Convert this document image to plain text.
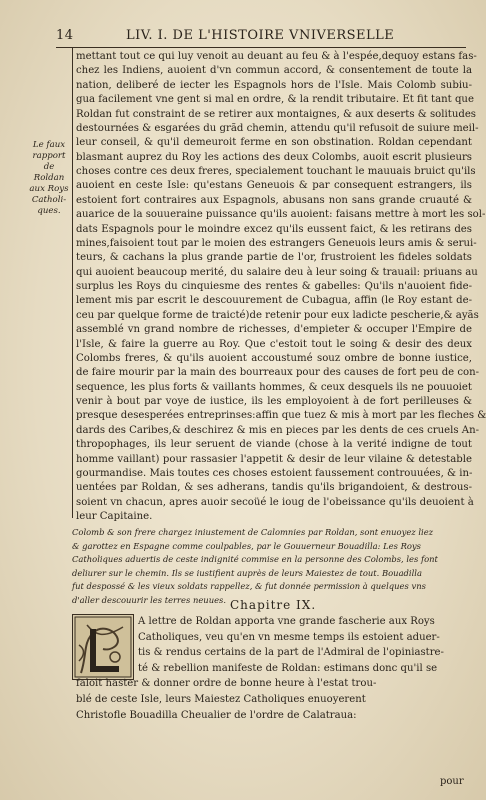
14	LIV. I. DE L'HISTOIRE VNIVERSELLE
Le faux
rapport de
Roldan
aux Roys
Catholi-
ques.
mettant tout ce qui luy venoit au deuant au feu & à l'espée,dequoy estans fas-
chez les Indiens, auoient d'vn commun accord, & consentement de toute la
nation, deliberé de iecter les Espagnols hors de l'Isle. Mais Colomb subiu-
gua facilement vne gent si mal en ordre, & la rendit tributaire. Et fit tant que
Roldan fut constraint de se retirer aux montaignes, & aux deserts & solitudes
destournées & esgarées du grãd chemin, attendu qu'il refusoit de suiure meil-
leur conseil, & qu'il demeuroit ferme en son obstination. Roldan cependant
blasmant auprez du Roy les actions des deux Colombs, auoit escrit plusieurs
choses contre ces deux freres, specialement touchant le mauuais bruict qu'ils
auoient en ceste Isle: qu'estans Geneuois & par consequent estrangers, ils
estoient fort contraires aux Espagnols, abusans non sans grande cruauté &
auarice de la souueraine puissance qu'ils auoient: faisans mettre à mort les sol-
dats Espagnols pour le moindre excez qu'ils eussent faict, & les retirans des
mines,faisoient tout par le moien des estrangers Geneuois leurs amis & serui-
teurs, & cachans la plus grande partie de l'or, frustroient les fideles soldats
qui auoient beaucoup merité, du salaire deu à leur soing & trauail: priuans au
surplus les Roys du cinquiesme des rentes & gabelles: Qu'ils n'auoient fide-
lement mis par escrit le descouurement de Cubagua, affin (le Roy estant de-
ceu par quelque forme de traicté)de retenir pour eux ladicte pescherie,& ayãs
assemblé vn grand nombre de richesses, d'empieter & occuper l'Empire de
l'Isle, & faire la guerre au Roy. Que c'estoit tout le soing & desir des deux
Colombs freres, & qu'ils auoient accoustumé souz ombre de bonne iustice,
de faire mourir par la main des bourreaux pour des causes de fort peu de con-
sequence, les plus forts & vaillants hommes, & ceux desquels ils ne pouuoiet
venir à bout par voye de iustice, ils les employoient à de fort perilleuses &
presque desesperées entreprinses:affin que tuez & mis à mort par les fleches &
dards des Caribes,& deschirez & mis en pieces par les dents de ces cruels An-
thropophages, ils leur seruent de viande (chose à la verité indigne de tout
homme vaillant) pour rassasier l'appetit & desir de leur vilaine & detestable
gourmandise. Mais toutes ces choses estoient faussement controuuées, & in-
uentées par Roldan, & ses adherans, tandis qu'ils brigandoient, & destrous-
soient vn chacun, apres auoir secoüé le ioug de l'obeissance qu'ils deuoient à
leur Capitaine.
Colomb & son frere chargez iniustement de Calomnies par Roldan, sont enuoyez liez
& garottez en Espagne comme coulpables, par le Gouuerneur Bouadilla: Les Roys
Catholiques aduertis de ceste indignité commise en la personne des Colombs, les font
deliurer sur le chemin. Ils se iustifient auprès de leurs Maiestez de tout. Bouadilla
fut despossé & les vieux soldats rappellez, & fut donnée permission à quelques vns
d'aller descouurir les terres neuues. Chapitre IX.
A lettre de Roldan apporta vne grande fascherie aux Roys
Catholiques, veu qu'en vn mesme temps ils estoient aduer-
tis & rendus certains de la part de l'Admiral de l'opiniastre-
té & rebellion manifeste de Roldan: estimans donc qu'il se
faloit haster & donner ordre de bonne heure à l'estat trou-
blé de ceste Isle, leurs Maiestez Catholiques enuoyerent
Christofle Bouadilla Cheualier de l'ordre de Calatraua:
pour
